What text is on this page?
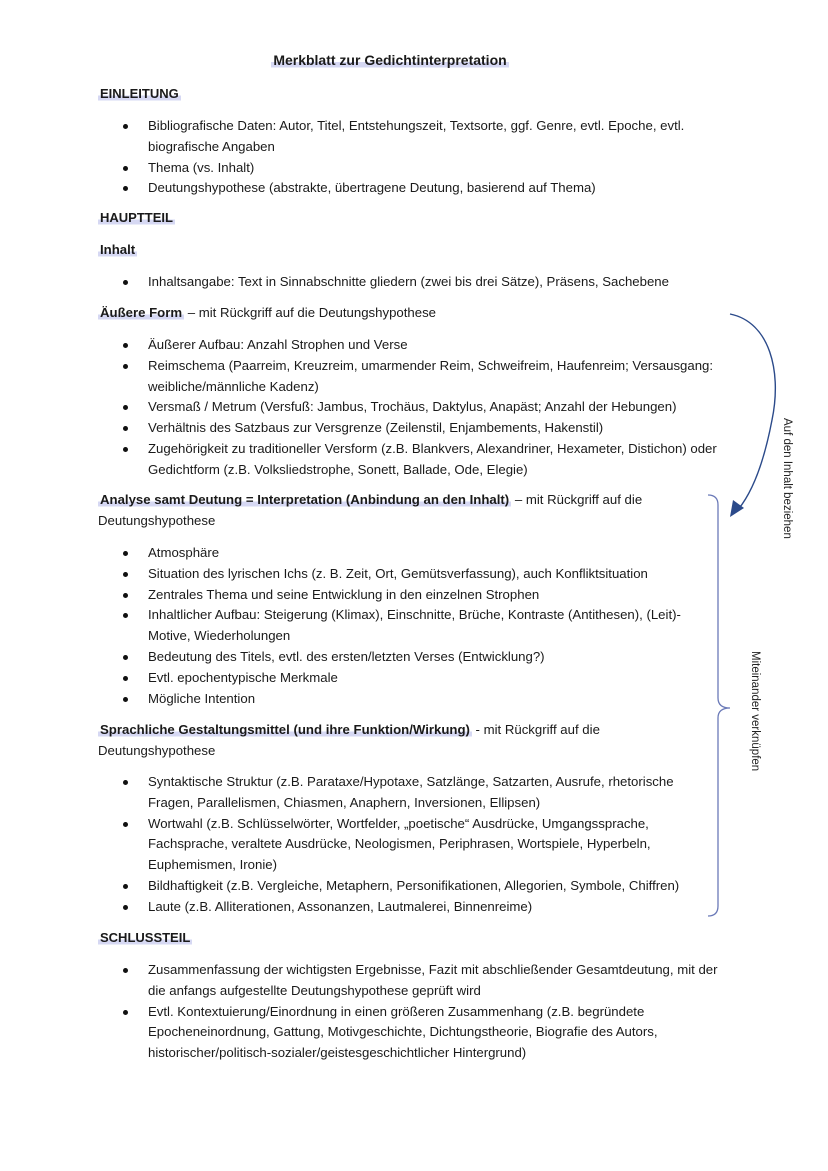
Merkblatt zur Gedichtinterpretation
EINLEITUNG
Bibliografische Daten: Autor, Titel, Entstehungszeit, Textsorte, ggf. Genre, evtl. Epoche, evtl. biografische Angaben
Thema (vs. Inhalt)
Deutungshypothese (abstrakte, übertragene Deutung, basierend auf Thema)
HAUPTTEIL
Inhalt
Inhaltsangabe: Text in Sinnabschnitte gliedern (zwei bis drei Sätze), Präsens, Sachebene
Äußere Form – mit Rückgriff auf die Deutungshypothese
Äußerer Aufbau: Anzahl Strophen und Verse
Reimschema (Paarreim, Kreuzreim, umarmender Reim, Schweifreim, Haufenreim; Versausgang: weibliche/männliche Kadenz)
Versmaß / Metrum (Versfuß: Jambus, Trochäus, Daktylus, Anapäst; Anzahl der Hebungen)
Verhältnis des Satzbaus zur Versgrenze (Zeilenstil, Enjambements, Hakenstil)
Zugehörigkeit zu traditioneller Versform (z.B. Blankvers, Alexandriner, Hexameter, Distichon) oder Gedichtform (z.B. Volksliedstrophe, Sonett, Ballade, Ode, Elegie)
Analyse samt Deutung = Interpretation (Anbindung an den Inhalt) – mit Rückgriff auf die Deutungshypothese
Atmosphäre
Situation des lyrischen Ichs (z. B. Zeit, Ort, Gemütsverfassung), auch Konfliktsituation
Zentrales Thema und seine Entwicklung in den einzelnen Strophen
Inhaltlicher Aufbau: Steigerung (Klimax), Einschnitte, Brüche, Kontraste (Antithesen), (Leit)-Motive, Wiederholungen
Bedeutung des Titels, evtl. des ersten/letzten Verses (Entwicklung?)
Evtl. epochentypische Merkmale
Mögliche Intention
Sprachliche Gestaltungsmittel (und ihre Funktion/Wirkung) - mit Rückgriff auf die Deutungshypothese
Syntaktische Struktur (z.B. Parataxe/Hypotaxe, Satzlänge, Satzarten, Ausrufe, rhetorische Fragen, Parallelismen, Chiasmen, Anaphern, Inversionen, Ellipsen)
Wortwahl (z.B. Schlüsselwörter, Wortfelder, „poetische“ Ausdrücke, Umgangssprache, Fachsprache, veraltete Ausdrücke, Neologismen, Periphrasen, Wortspiele, Hyperbeln, Euphemismen, Ironie)
Bildhaftigkeit (z.B. Vergleiche, Metaphern, Personifikationen, Allegorien, Symbole, Chiffren)
Laute (z.B. Alliterationen, Assonanzen, Lautmalerei, Binnenreime)
SCHLUSSTEIL
Zusammenfassung der wichtigsten Ergebnisse, Fazit mit abschließender Gesamtdeutung, mit der die anfangs aufgestellte Deutungshypothese geprüft wird
Evtl. Kontextuierung/Einordnung in einen größeren Zusammenhang (z.B. begründete Epocheneinordnung, Gattung, Motivgeschichte, Dichtungstheorie, Biografie des Autors, historischer/politisch-sozialer/geistesgeschichtlicher Hintergrund)
Auf den Inhalt beziehen
Miteinander verknüpfen
